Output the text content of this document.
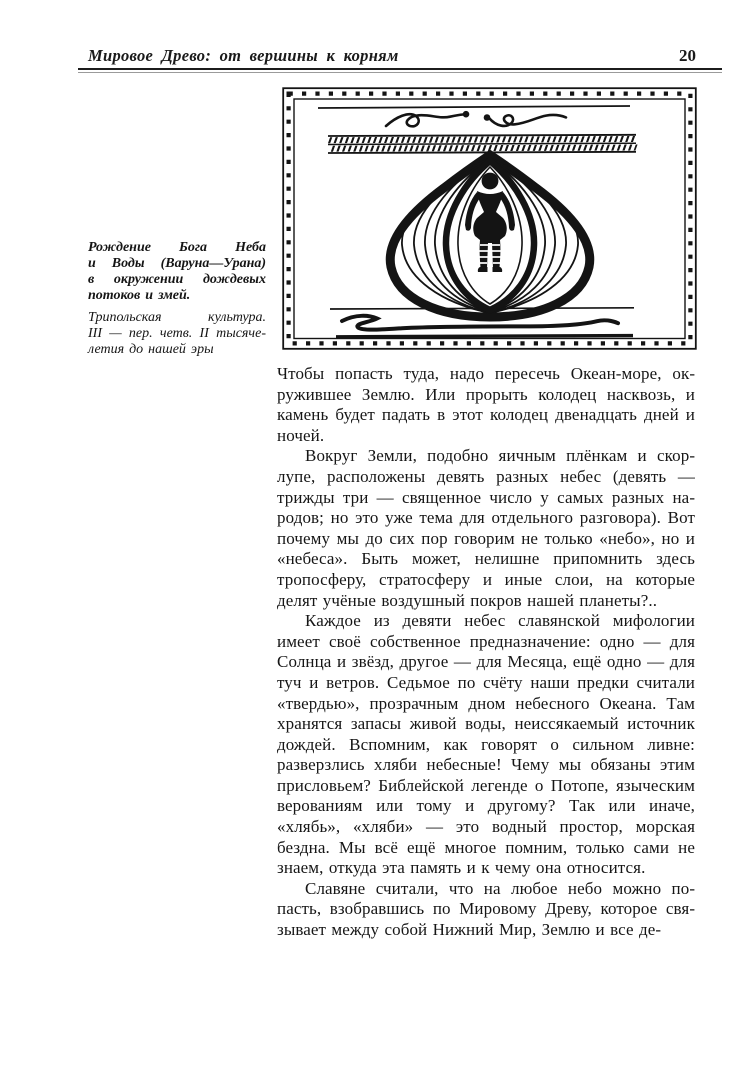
Мировое Древо: от вершины к корням	20

Рождение Бога Неба
и Воды (Варуна—Урана)
в окружении дождевых
потоков и змей.

Трипольская культура.
III — пер. четв. II тысяче-
летия до нашей эры

Чтобы попасть туда, надо пересечь Океан-море, окружившее Землю. Или прорыть колодец насквозь, и камень будет падать в этот колодец двенадцать дней и ночей.

Вокруг Земли, подобно яичным плёнкам и скорлупе, расположены девять разных небес (девять — трижды три — священное число у самых разных народов; но это уже тема для отдельного разговора). Вот почему мы до сих пор говорим не только «небо», но и «небеса». Быть может, нелишне припомнить здесь тропосферу, стратосферу и иные слои, на которые делят учёные воздушный покров нашей планеты?..

Каждое из девяти небес славянской мифологии имеет своё собственное предназначение: одно — для Солнца и звёзд, другое — для Месяца, ещё одно — для туч и ветров. Седьмое по счёту наши предки считали «твердью», прозрачным дном небесного Океана. Там хранятся запасы живой воды, неиссякаемый источник дождей. Вспомним, как говорят о сильном ливне: разверзлись хляби небесные! Чему мы обязаны этим присловьем? Библейской легенде о Потопе, языческим верованиям или тому и другому? Так или иначе, «хлябь», «хляби» — это водный простор, морская бездна. Мы всё ещё многое помним, только сами не знаем, откуда эта память и к чему она относится.

Славяне считали, что на любое небо можно попасть, взобравшись по Мировому Древу, которое связывает между собой Нижний Мир, Землю и все де-
